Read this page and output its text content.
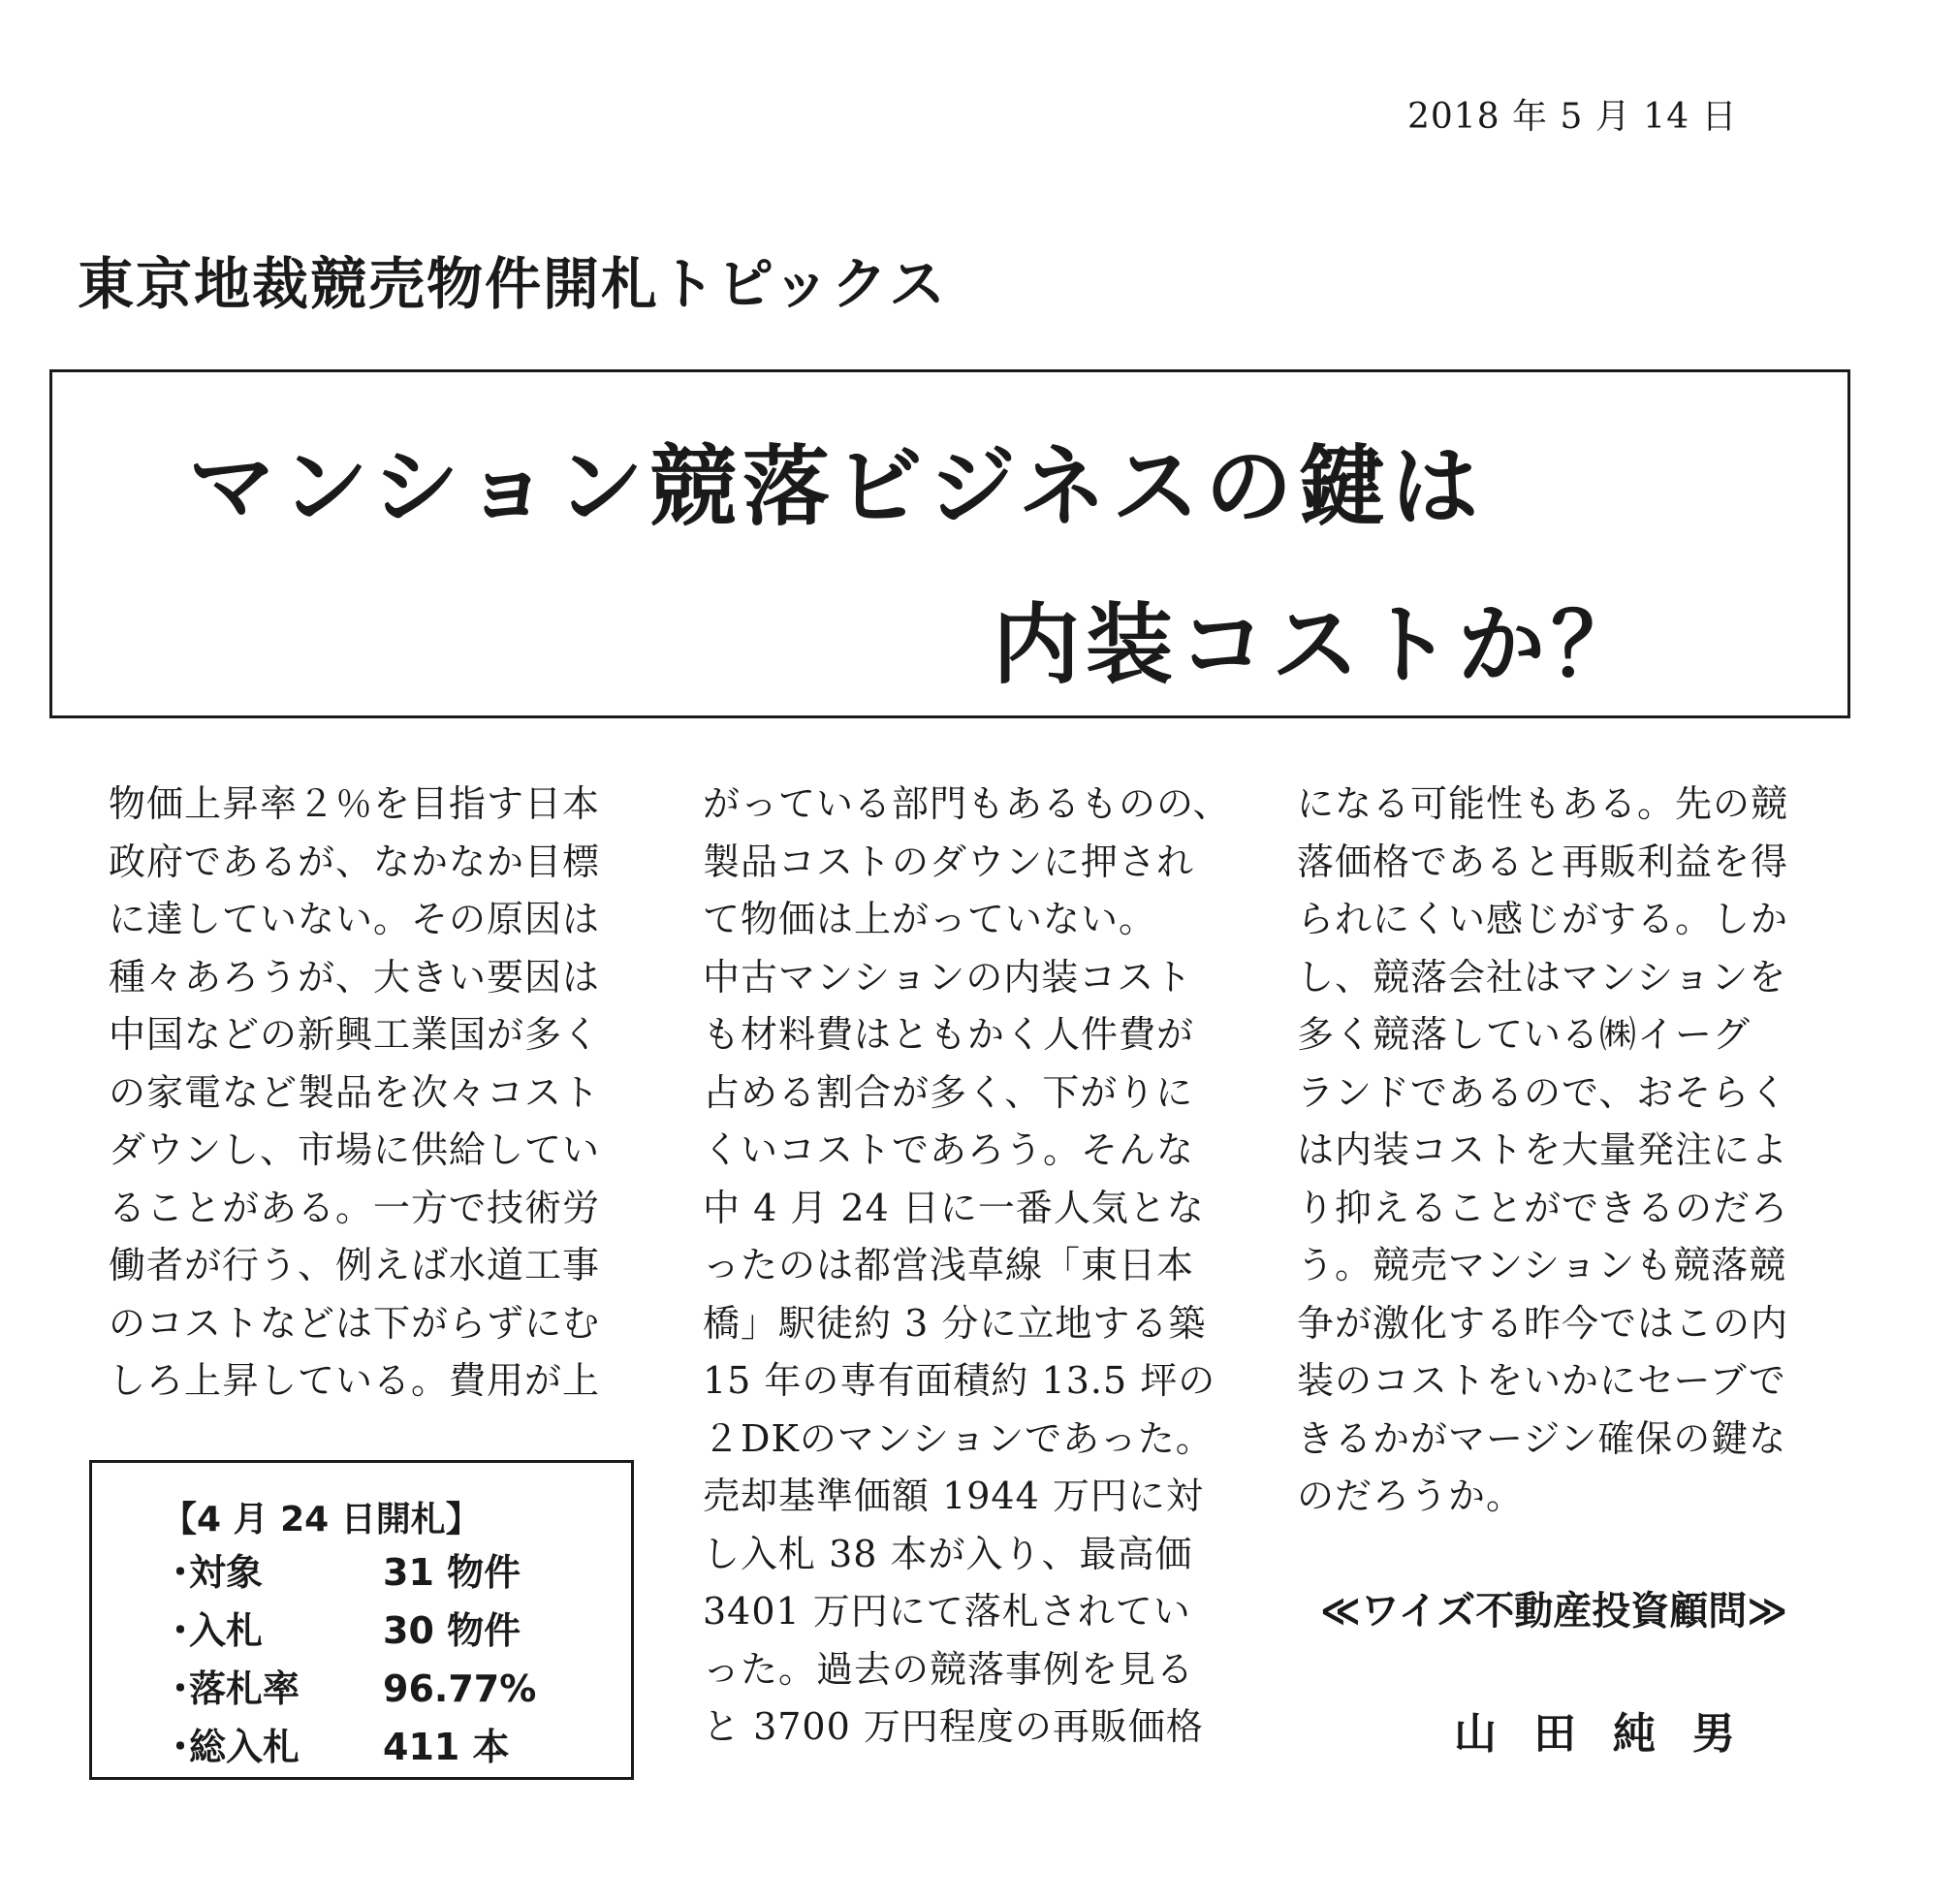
2018 年 5 月 14 日
東京地裁競売物件開札トピックス
マンション競落ビジネスの鍵は
内装コストか？
物価上昇率２％を目指す日本
政府であるが、なかなか目標
に達していない。その原因は
種々あろうが、大きい要因は
中国などの新興工業国が多く
の家電など製品を次々コスト
ダウンし、市場に供給してい
ることがある。一方で技術労
働者が行う、例えば水道工事
のコストなどは下がらずにむ
しろ上昇している。費用が上
がっている部門もあるものの、
製品コストのダウンに押され
て物価は上がっていない。
中古マンションの内装コスト
も材料費はともかく人件費が
占める割合が多く、下がりに
くいコストであろう。そんな
中 4 月 24 日に一番人気とな
ったのは都営浅草線「東日本
橋」駅徒約 3 分に立地する築
15 年の専有面積約 13.5 坪の
２DKのマンションであった。
売却基準価額 1944 万円に対
し入札 38 本が入り、最高価
3401 万円にて落札されてい
った。過去の競落事例を見る
と 3700 万円程度の再販価格
になる可能性もある。先の競
落価格であると再販利益を得
られにくい感じがする。しか
し、競落会社はマンションを
多く競落している㈱イーグ
ランドであるので、おそらく
は内装コストを大量発注によ
り抑えることができるのだろ
う。競売マンションも競落競
争が激化する昨今ではこの内
装のコストをいかにセーブで
きるかがマージン確保の鍵な
のだろうか。
【4 月 24 日開札】
・対象	31 物件
・入札	30 物件
・落札率 96.77%
・総入札 411 本
≪ワイズ不動産投資顧問≫
山田純男
